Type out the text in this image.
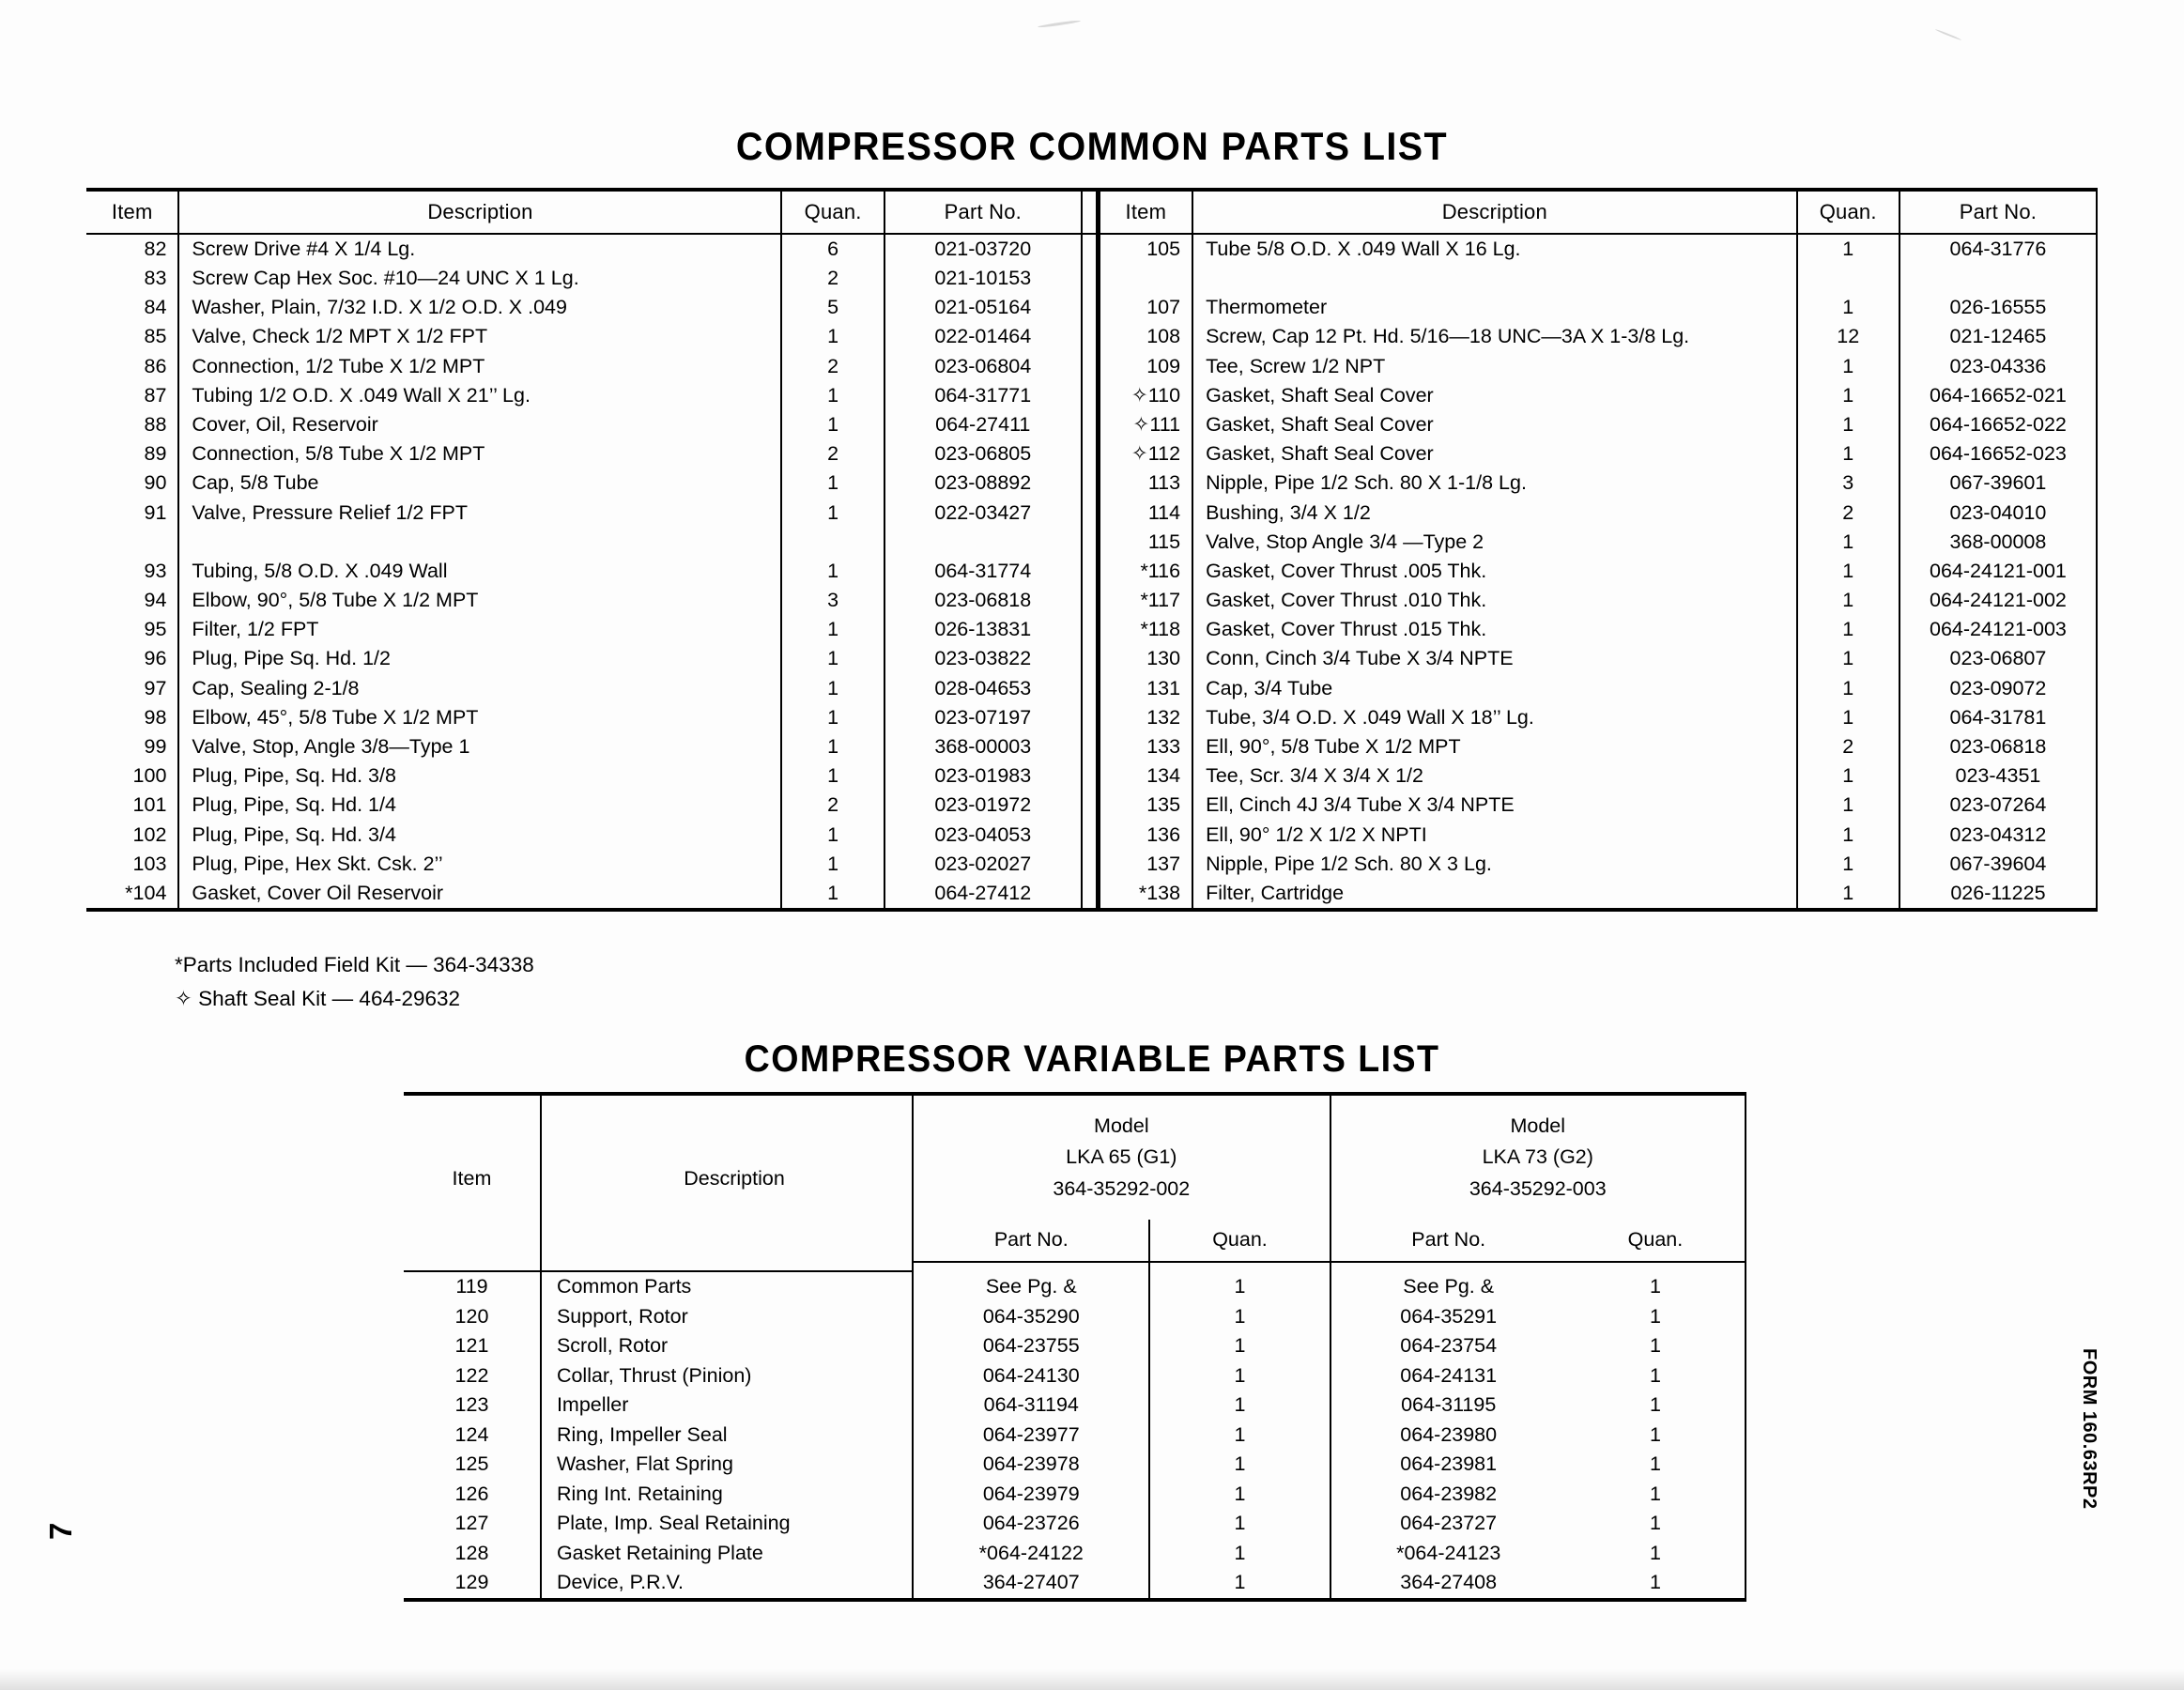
COMPRESSOR COMMON PARTS LIST
Item	Description	Quan.	Part No.		Item	Description	Quan.	Part No.
82	Screw Drive #4 X 1/4 Lg.	6	021-03720		105	Tube 5/8 O.D. X .049 Wall X 16 Lg.	1	064-31776
83	Screw Cap Hex Soc. #10—24 UNC X 1 Lg.	2	021-10153					
84	Washer, Plain, 7/32 I.D. X 1/2 O.D. X .049	5	021-05164		107	Thermometer	1	026-16555
85	Valve, Check 1/2 MPT X 1/2 FPT	1	022-01464		108	Screw, Cap 12 Pt. Hd. 5/16—18 UNC—3A X 1-3/8 Lg.	12	021-12465
86	Connection, 1/2 Tube X 1/2 MPT	2	023-06804		109	Tee, Screw 1/2 NPT	1	023-04336
87	Tubing 1/2 O.D. X .049 Wall X 21’’ Lg.	1	064-31771		✧110	Gasket, Shaft Seal Cover	1	064-16652-021
88	Cover, Oil, Reservoir	1	064-27411		✧111	Gasket, Shaft Seal Cover	1	064-16652-022
89	Connection, 5/8 Tube X 1/2 MPT	2	023-06805		✧112	Gasket, Shaft Seal Cover	1	064-16652-023
90	Cap, 5/8 Tube	1	023-08892		113	Nipple, Pipe 1/2 Sch. 80 X 1-1/8 Lg.	3	067-39601
91	Valve, Pressure Relief 1/2 FPT	1	022-03427		114	Bushing, 3/4 X 1/2	2	023-04010
					115	Valve, Stop Angle 3/4 —Type 2	1	368-00008
93	Tubing, 5/8 O.D. X .049 Wall	1	064-31774		*116	Gasket, Cover Thrust .005 Thk.	1	064-24121-001
94	Elbow, 90°, 5/8 Tube X 1/2 MPT	3	023-06818		*117	Gasket, Cover Thrust .010 Thk.	1	064-24121-002
95	Filter, 1/2 FPT	1	026-13831		*118	Gasket, Cover Thrust .015 Thk.	1	064-24121-003
96	Plug, Pipe Sq. Hd. 1/2	1	023-03822		130	Conn, Cinch 3/4 Tube X 3/4 NPTE	1	023-06807
97	Cap, Sealing 2-1/8	1	028-04653		131	Cap, 3/4 Tube	1	023-09072
98	Elbow, 45°, 5/8 Tube X 1/2 MPT	1	023-07197		132	Tube, 3/4 O.D. X .049 Wall X 18’’ Lg.	1	064-31781
99	Valve, Stop, Angle 3/8—Type 1	1	368-00003		133	Ell, 90°, 5/8 Tube X 1/2 MPT	2	023-06818
100	Plug, Pipe, Sq. Hd. 3/8	1	023-01983		134	Tee, Scr. 3/4 X 3/4 X 1/2	1	023-4351
101	Plug, Pipe, Sq. Hd. 1/4	2	023-01972		135	Ell, Cinch 4J 3/4 Tube X 3/4 NPTE	1	023-07264
102	Plug, Pipe, Sq. Hd. 3/4	1	023-04053		136	Ell, 90° 1/2 X 1/2 X NPTI	1	023-04312
103	Plug, Pipe, Hex Skt. Csk. 2’’	1	023-02027		137	Nipple, Pipe 1/2 Sch. 80 X 3 Lg.	1	067-39604
*104	Gasket, Cover Oil Reservoir	1	064-27412		*138	Filter, Cartridge	1	026-11225
*Parts Included Field Kit — 364-34338
✧ Shaft Seal Kit — 464-29632
COMPRESSOR VARIABLE PARTS LIST
Item	Description	
Model
LKA 65 (G1)
364-35292-002

Model
LKA 73 (G2)
364-35292-003

		Part No.	Quan.	Part No.	Quan.

119	Common Parts	See Pg. &	1	See Pg. &	1
120	Support, Rotor	064-35290	1	064-35291	1
121	Scroll, Rotor	064-23755	1	064-23754	1
122	Collar, Thrust (Pinion)	064-24130	1	064-24131	1
123	Impeller	064-31194	1	064-31195	1
124	Ring, Impeller Seal	064-23977	1	064-23980	1
125	Washer, Flat Spring	064-23978	1	064-23981	1
126	Ring Int. Retaining	064-23979	1	064-23982	1
127	Plate, Imp. Seal Retaining	064-23726	1	064-23727	1
128	Gasket Retaining Plate	*064-24122	1	*064-24123	1
129	Device, P.R.V.	364-27407	1	364-27408	1
FORM 160.63RP2
7
